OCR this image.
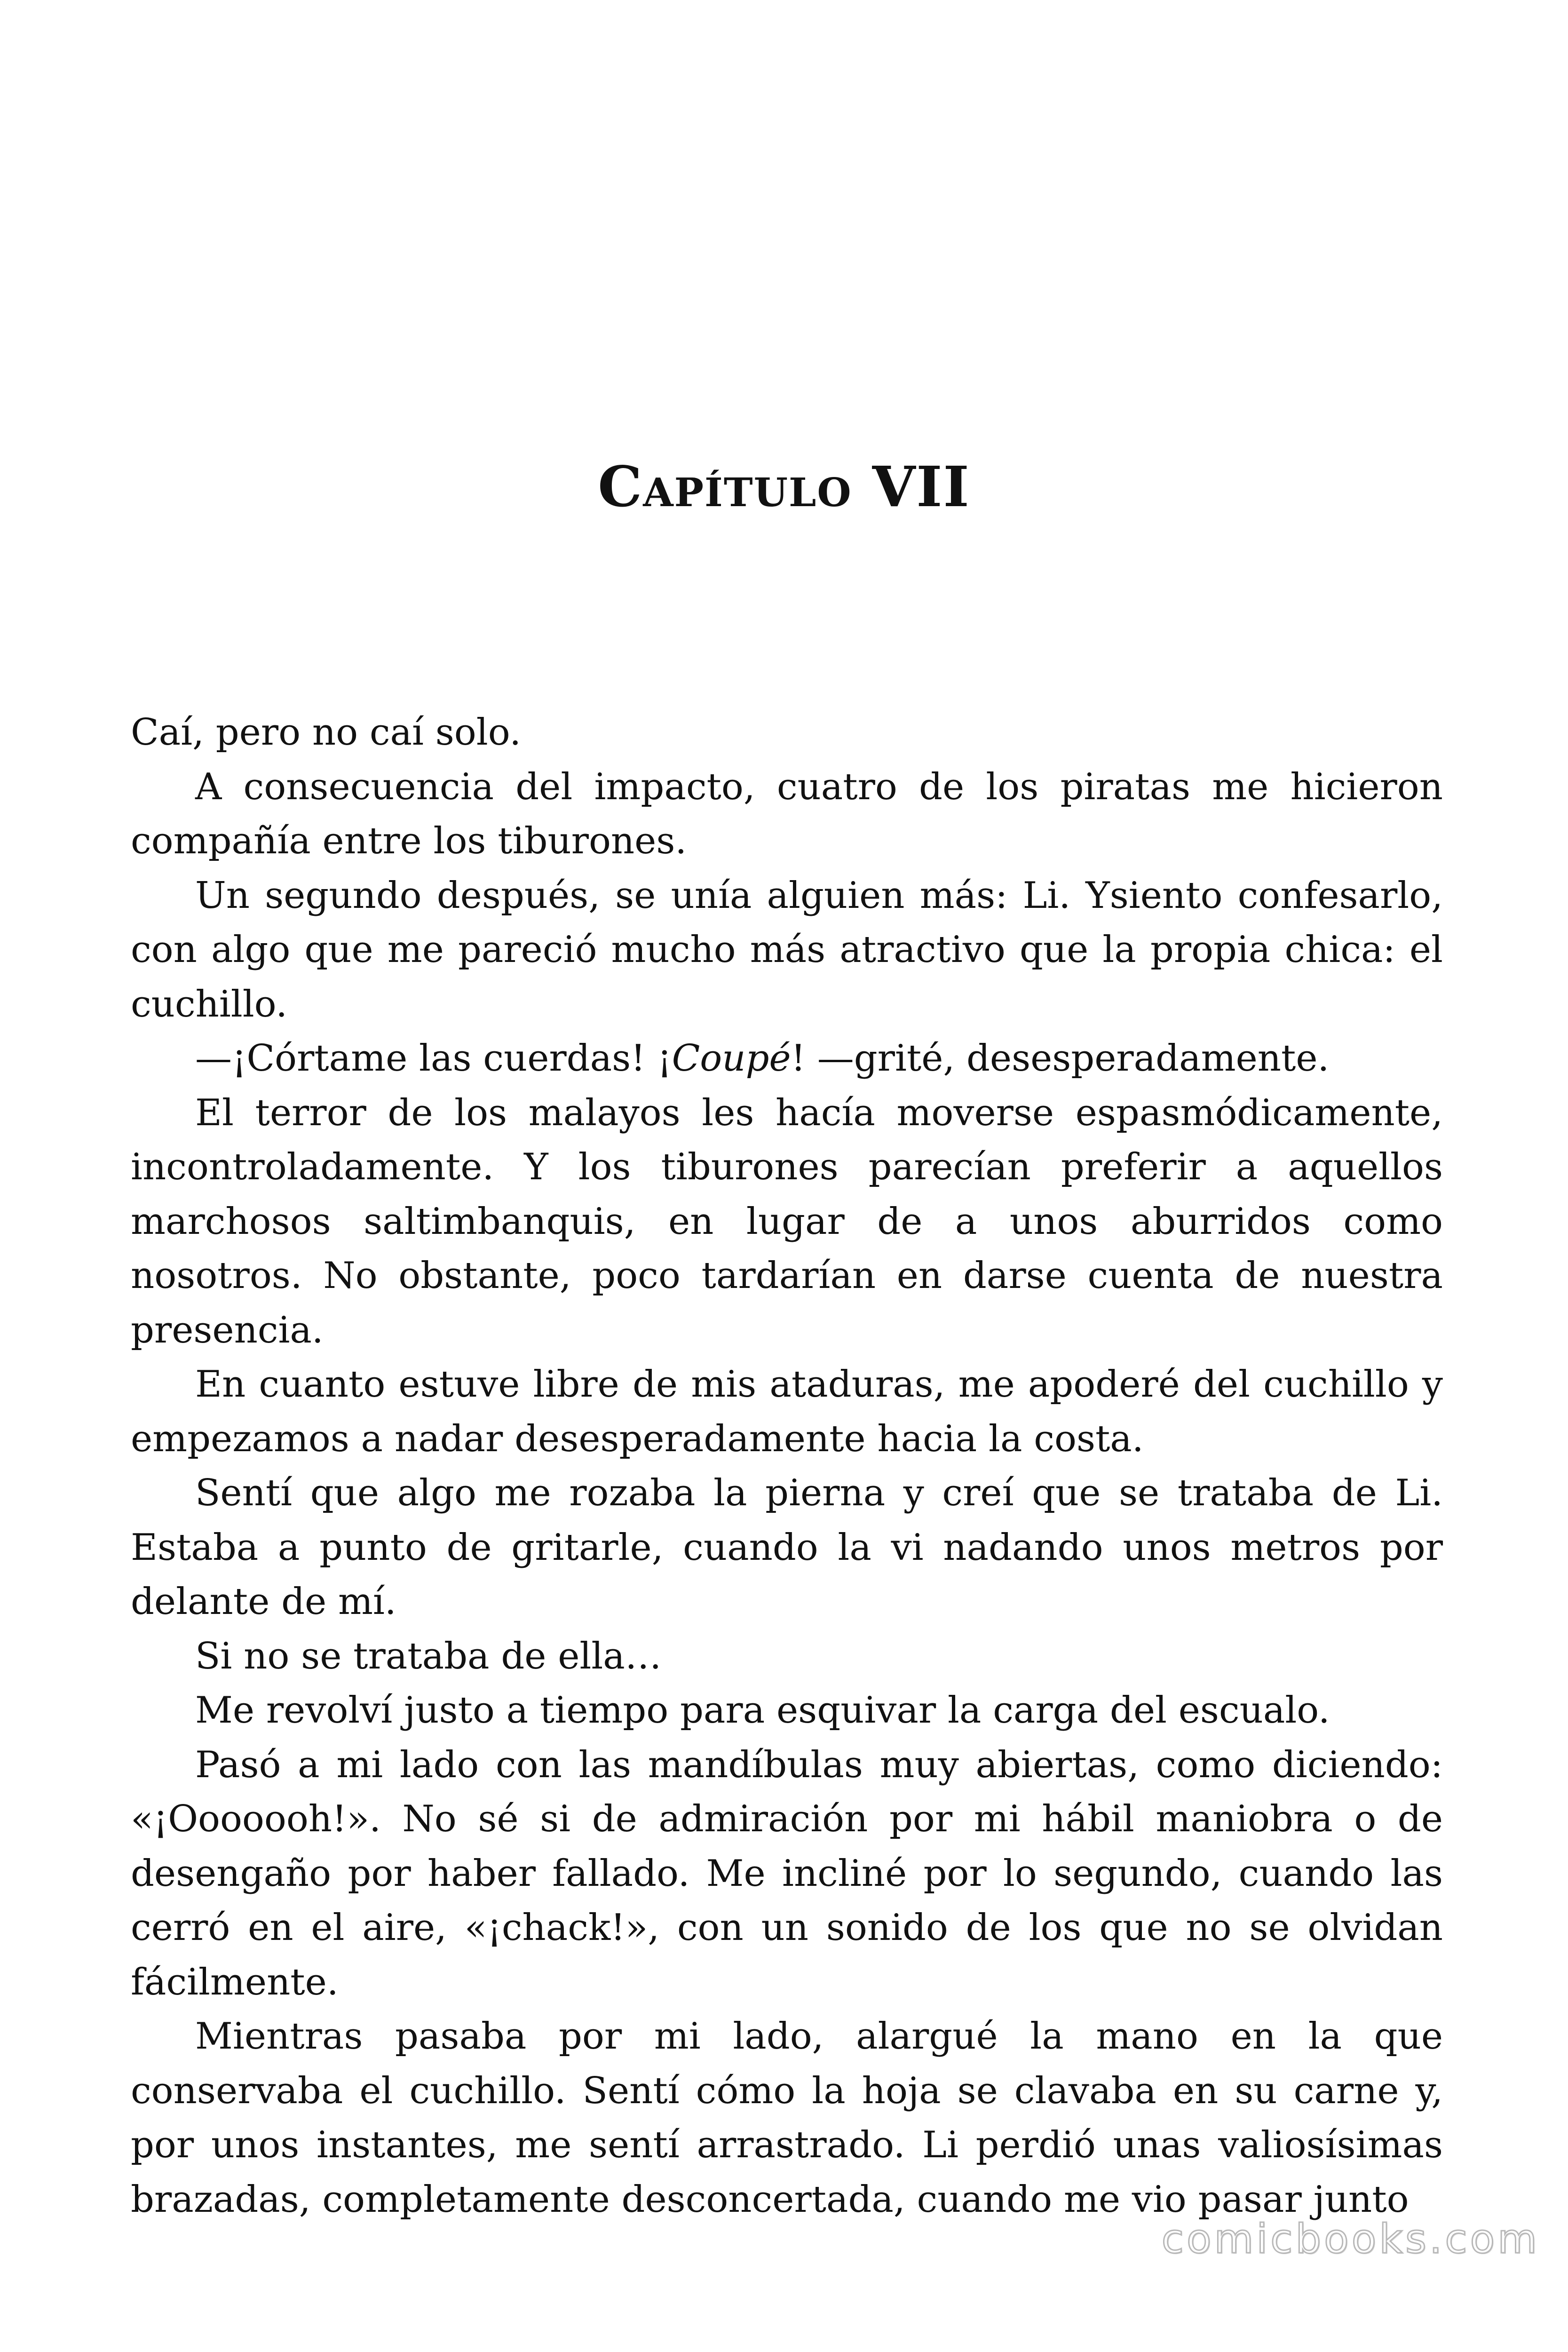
Capítulo VII

Caí, pero no caí solo.

A consecuencia del impacto, cuatro de los piratas me hicieron compañía entre los tiburones.

Un segundo después, se unía alguien más: Li. Ysiento confesarlo, con algo que me pareció mucho más atractivo que la propia chica: el cuchillo.

—¡Córtame las cuerdas! ¡Coupé! —grité, desesperadamente.

El terror de los malayos les hacía moverse espasmódicamente, incontroladamente. Y los tiburones parecían preferir a aquellos marchosos saltimbanquis, en lugar de a unos aburridos como nosotros. No obstante, poco tardarían en darse cuenta de nuestra presencia.

En cuanto estuve libre de mis ataduras, me apoderé del cuchillo y empezamos a nadar desesperadamente hacia la costa.

Sentí que algo me rozaba la pierna y creí que se trataba de Li. Estaba a punto de gritarle, cuando la vi nadando unos metros por delante de mí.

Si no se trataba de ella…

Me revolví justo a tiempo para esquivar la carga del escualo.

Pasó a mi lado con las mandíbulas muy abiertas, como diciendo: «¡Ooooooh!». No sé si de admiración por mi hábil maniobra o de desengaño por haber fallado. Me incliné por lo segundo, cuando las cerró en el aire, «¡chack!», con un sonido de los que no se olvidan fácilmente.

Mientras pasaba por mi lado, alargué la mano en la que conservaba el cuchillo. Sentí cómo la hoja se clavaba en su carne y, por unos instantes, me sentí arrastrado. Li perdió unas valiosísimas brazadas, completamente desconcertada, cuando me vio pasar junto

comicbooks.com
